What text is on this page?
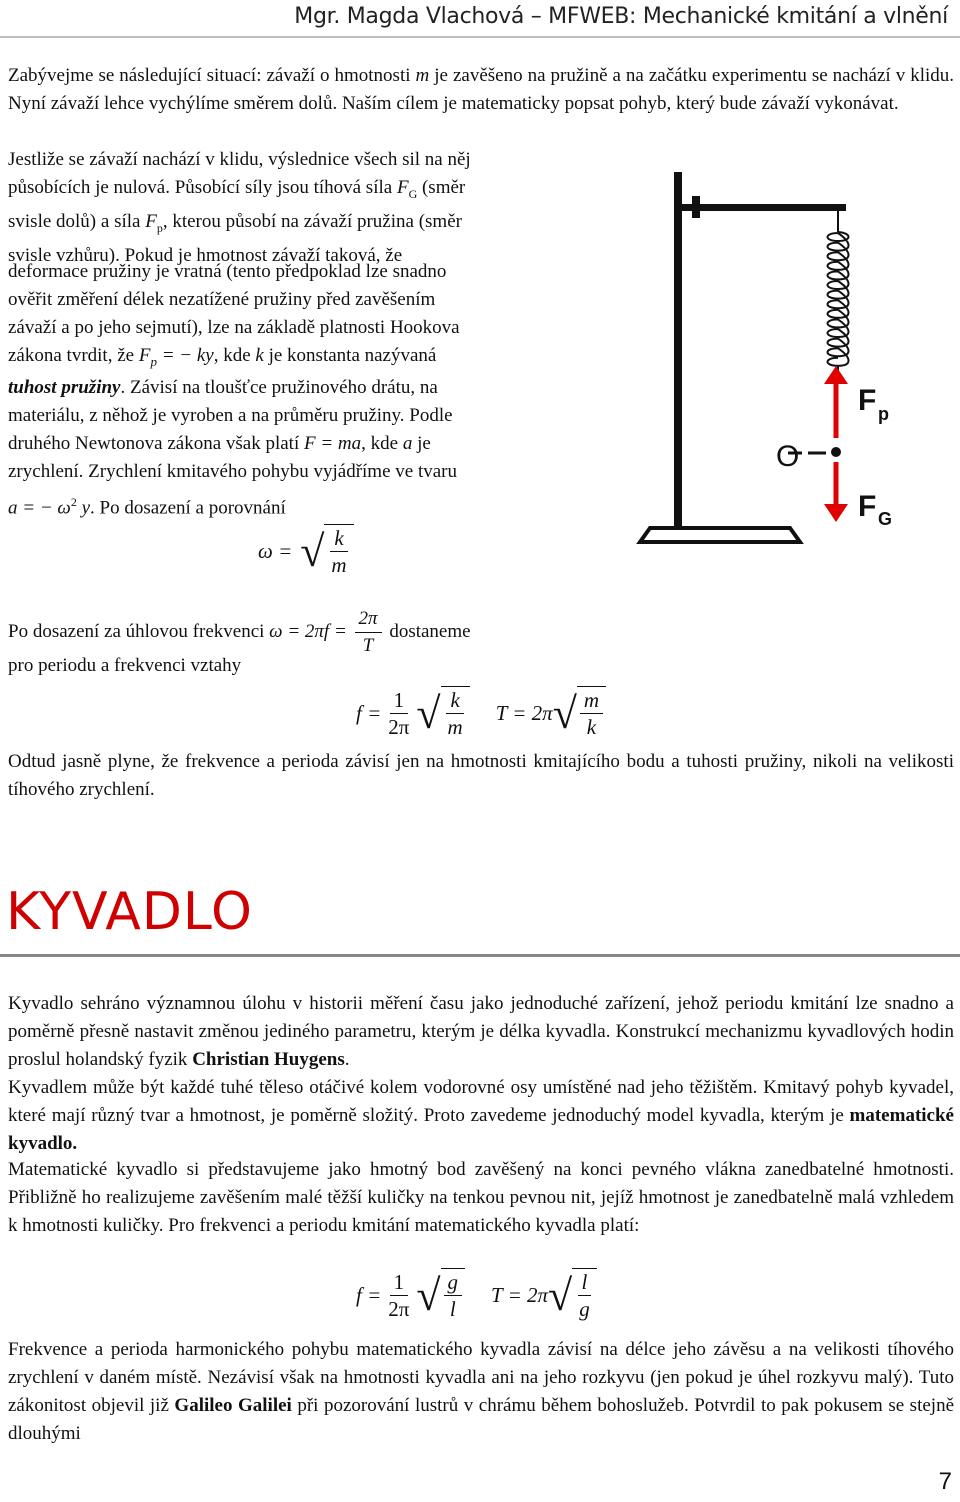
Mgr. Magda Vlachová – MFWEB: Mechanické kmitání a vlnění

Zabývejme se následující situací: závaží o hmotnosti m je zavěšeno na pružině a na začátku experimentu se nachází v klidu. Nyní závaží lehce vychýlíme směrem dolů. Naším cílem je matematicky popsat pohyb, který bude závaží vykonávat.

Jestliže se závaží nachází v klidu, výslednice všech sil na něj
působících je nulová. Působící síly jsou tíhová síla $F_G$ (směr
svisle dolů) a síla $F_p$, kterou působí na závaží pružina (směr
svisle vzhůru). Pokud je hmotnost závaží taková, že
deformace pružiny je vratná (tento předpoklad lze snadno
ověřit změření délek nezatížené pružiny před zavěšením
závaží a po jeho sejmutí), lze na základě platnosti Hookova
zákona tvrdit, že $F_p$ = − ky, kde k je konstanta nazývaná
tuhost pružiny. Závisí na tloušťce pružinového drátu, na
materiálu, z něhož je vyroben a na průměru pružiny. Podle
druhého Newtonova zákona však platí F = ma, kde a je
zrychlení. Zrychlení kmitavého pohybu vyjádříme ve tvaru
a = − $\omega^2$ y. Po dosazení a porovnání
O
F p
F G
ω = √ $\frac{k}{m}$
Po dosazení za úhlovou frekvenci $\omega = 2\pi f = \frac{2\pi}{T}$ dostaneme
pro periodu a frekvenci vztahy
$f = \frac{1}{2\pi}$ √ $\frac{k}{m}$ T = 2π √ $\frac{m}{k}$

Odtud jasně plyne, že frekvence a perioda závisí jen na hmotnosti kmitajícího bodu a tuhosti pružiny, nikoli na velikosti tíhového zrychlení.

KYVADLO

Kyvadlo sehráno významnou úlohu v historii měření času jako jednoduché zařízení, jehož periodu kmitání lze snadno a poměrně přesně nastavit změnou jediného parametru, kterým je délka kyvadla. Konstrukcí mechanizmu kyvadlových hodin proslul holandský fyzik Christian Huygens.

Kyvadlem může být každé tuhé těleso otáčivé kolem vodorovné osy umístěné nad jeho těžištěm. Kmitavý pohyb kyvadel, které mají různý tvar a hmotnost, je poměrně složitý. Proto zavedeme jednoduchý model kyvadla, kterým je matematické kyvadlo.

Matematické kyvadlo si představujeme jako hmotný bod zavěšený na konci pevného vlákna zanedbatelné hmotnosti. Přibližně ho realizujeme zavěšením malé těžší kuličky na tenkou pevnou nit, jejíž hmotnost je zanedbatelně malá vzhledem k hmotnosti kuličky. Pro frekvenci a periodu kmitání matematického kyvadla platí:

$f = \frac{1}{2\pi}$ √ $\frac{g}{l}$ T = 2π √ $\frac{l}{g}$

Frekvence a perioda harmonického pohybu matematického kyvadla závisí na délce jeho závěsu a na velikosti tíhového zrychlení v daném místě. Nezávisí však na hmotnosti kyvadla ani na jeho rozkyvu (jen pokud je úhel rozkyvu malý). Tuto zákonitost objevil již Galileo Galilei při pozorování lustrů v chrámu během bohoslužeb. Potvrdil to pak pokusem se stejně dlouhými

7
